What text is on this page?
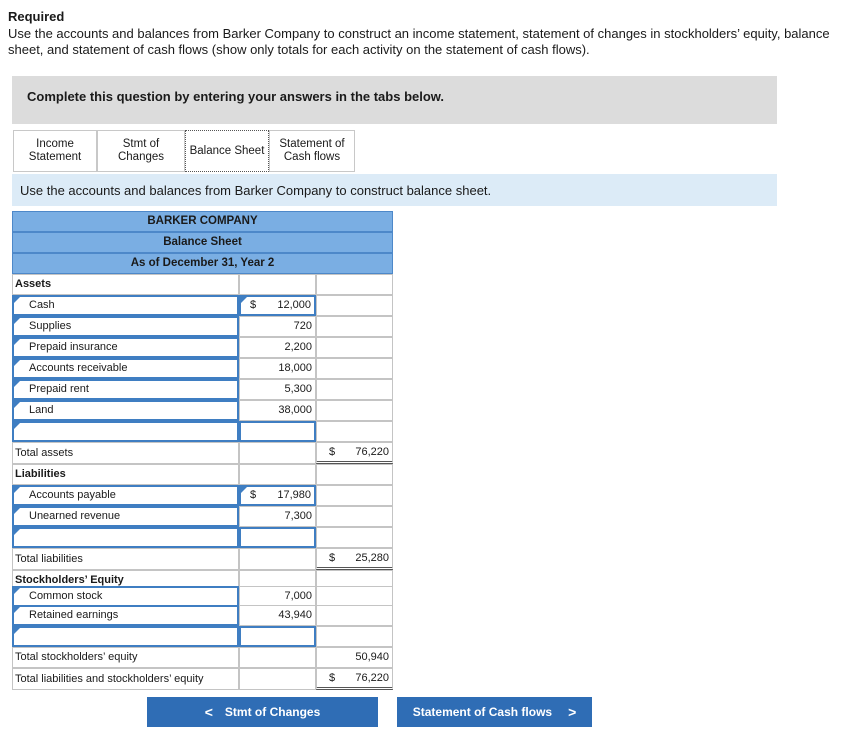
Required
Use the accounts and balances from Barker Company to construct an income statement, statement of changes in stockholders’ equity, balance sheet, and statement of cash flows (show only totals for each activity on the statement of cash flows).
Complete this question by entering your answers in the tabs below.
Income
Statement
Stmt of
Changes
Balance Sheet
Statement of
Cash flows
Use the accounts and balances from Barker Company to construct balance sheet.
BARKER COMPANY
Balance Sheet
As of December 31, Year 2
Assets
Cash	$ 12,000
Supplies	720
Prepaid insurance	2,200
Accounts receivable	18,000
Prepaid rent	5,300
Land	38,000
Total assets	$ 76,220
Liabilities
Accounts payable	$ 17,980
Unearned revenue	7,300
Total liabilities	$ 25,280
Stockholders’ Equity
Common stock	7,000
Retained earnings	43,940
Total stockholders’ equity	50,940
Total liabilities and stockholders’ equity	$ 76,220
< Stmt of Changes	Statement of Cash flows >
